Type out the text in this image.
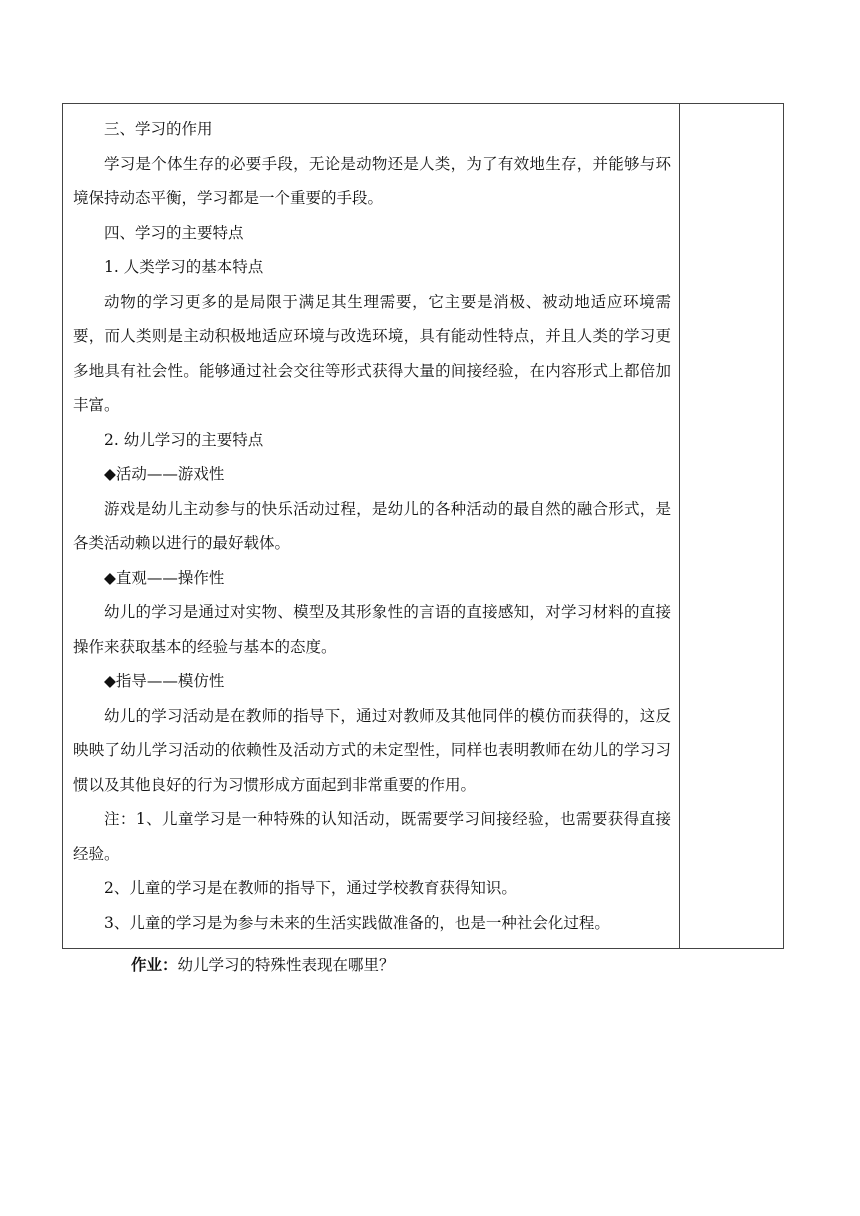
三、学习的作用

学习是个体生存的必要手段，无论是动物还是人类，为了有效地生存，并能够与环境保持动态平衡，学习都是一个重要的手段。

四、学习的主要特点

1. 人类学习的基本特点

动物的学习更多的是局限于满足其生理需要，它主要是消极、被动地适应环境需要，而人类则是主动积极地适应环境与改选环境，具有能动性特点，并且人类的学习更多地具有社会性。能够通过社会交往等形式获得大量的间接经验，在内容形式上都倍加丰富。

2. 幼儿学习的主要特点

◆活动——游戏性

游戏是幼儿主动参与的快乐活动过程，是幼儿的各种活动的最自然的融合形式，是各类活动赖以进行的最好载体。

◆直观——操作性

幼儿的学习是通过对实物、模型及其形象性的言语的直接感知，对学习材料的直接操作来获取基本的经验与基本的态度。

◆指导——模仿性

幼儿的学习活动是在教师的指导下，通过对教师及其他同伴的模仿而获得的，这反映映了幼儿学习活动的依赖性及活动方式的未定型性，同样也表明教师在幼儿的学习习惯以及其他良好的行为习惯形成方面起到非常重要的作用。

注：1、儿童学习是一种特殊的认知活动，既需要学习间接经验，也需要获得直接经验。

2、儿童的学习是在教师的指导下，通过学校教育获得知识。

3、儿童的学习是为参与未来的生活实践做准备的，也是一种社会化过程。

作业：幼儿学习的特殊性表现在哪里？
